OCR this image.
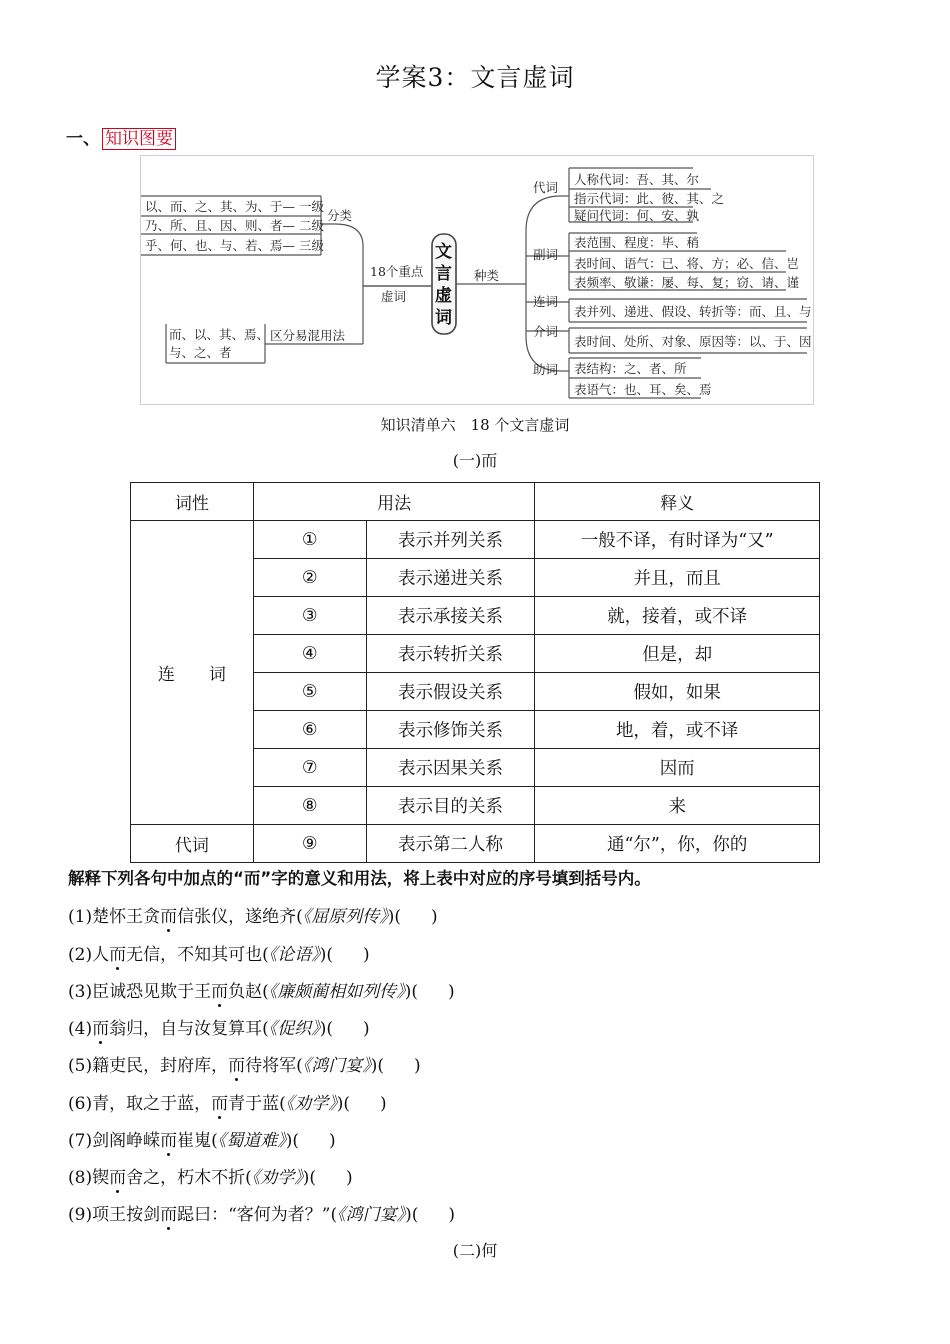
学案3：文言虚词
一、 知识图要
以、而、之、其、为、于— 一级
乃、所、且、因、则、者— 二级
乎、何、也、与、若、焉— 三级
分类
18个重点
虚词
区分易混用法
而、以、其、焉、
与、之、者
文
言
虚
词
种类
代词
副词
连词
介词
助词
人称代词：吾、其、尔
指示代词：此、彼、其、之
疑问代词：何、安、孰
表范围、程度：毕、稍
表时间、语气：已、将、方；必、信、岂
表频率、敬谦：屡、每、复；窃、请、谨
表并列、递进、假设、转折等：而、且、与
表时间、处所、对象、原因等：以、于、因
表结构：之、者、所
表语气：也、耳、矣、焉
知识清单六　18 个文言虚词
(一)而
词性	用法		释义
连　　词	①	表示并列关系	一般不译，有时译为“又”
	②	表示递进关系	并且，而且
	③	表示承接关系	就，接着，或不译
	④	表示转折关系	但是，却
	⑤	表示假设关系	假如，如果
	⑥	表示修饰关系	地，着，或不译
	⑦	表示因果关系	因而
	⑧	表示目的关系	来
代词	⑨	表示第二人称	通“尔”，你，你的
解释下列各句中加点的“而”字的意义和用法，将上表中对应的序号填到括号内。
(1)楚怀王贪而信张仪，遂绝齐(《屈原列传》)( )
(2)人而无信，不知其可也(《论语》)( )
(3)臣诚恐见欺于王而负赵(《廉颇蔺相如列传》)( )
(4)而翁归，自与汝复算耳(《促织》)( )
(5)籍吏民，封府库，而待将军(《鸿门宴》)( )
(6)青，取之于蓝，而青于蓝(《劝学》)( )
(7)剑阁峥嵘而崔嵬(《蜀道难》)( )
(8)锲而舍之，朽木不折(《劝学》)( )
(9)项王按剑而跽曰：“客何为者？”(《鸿门宴》)( )
(二)何
